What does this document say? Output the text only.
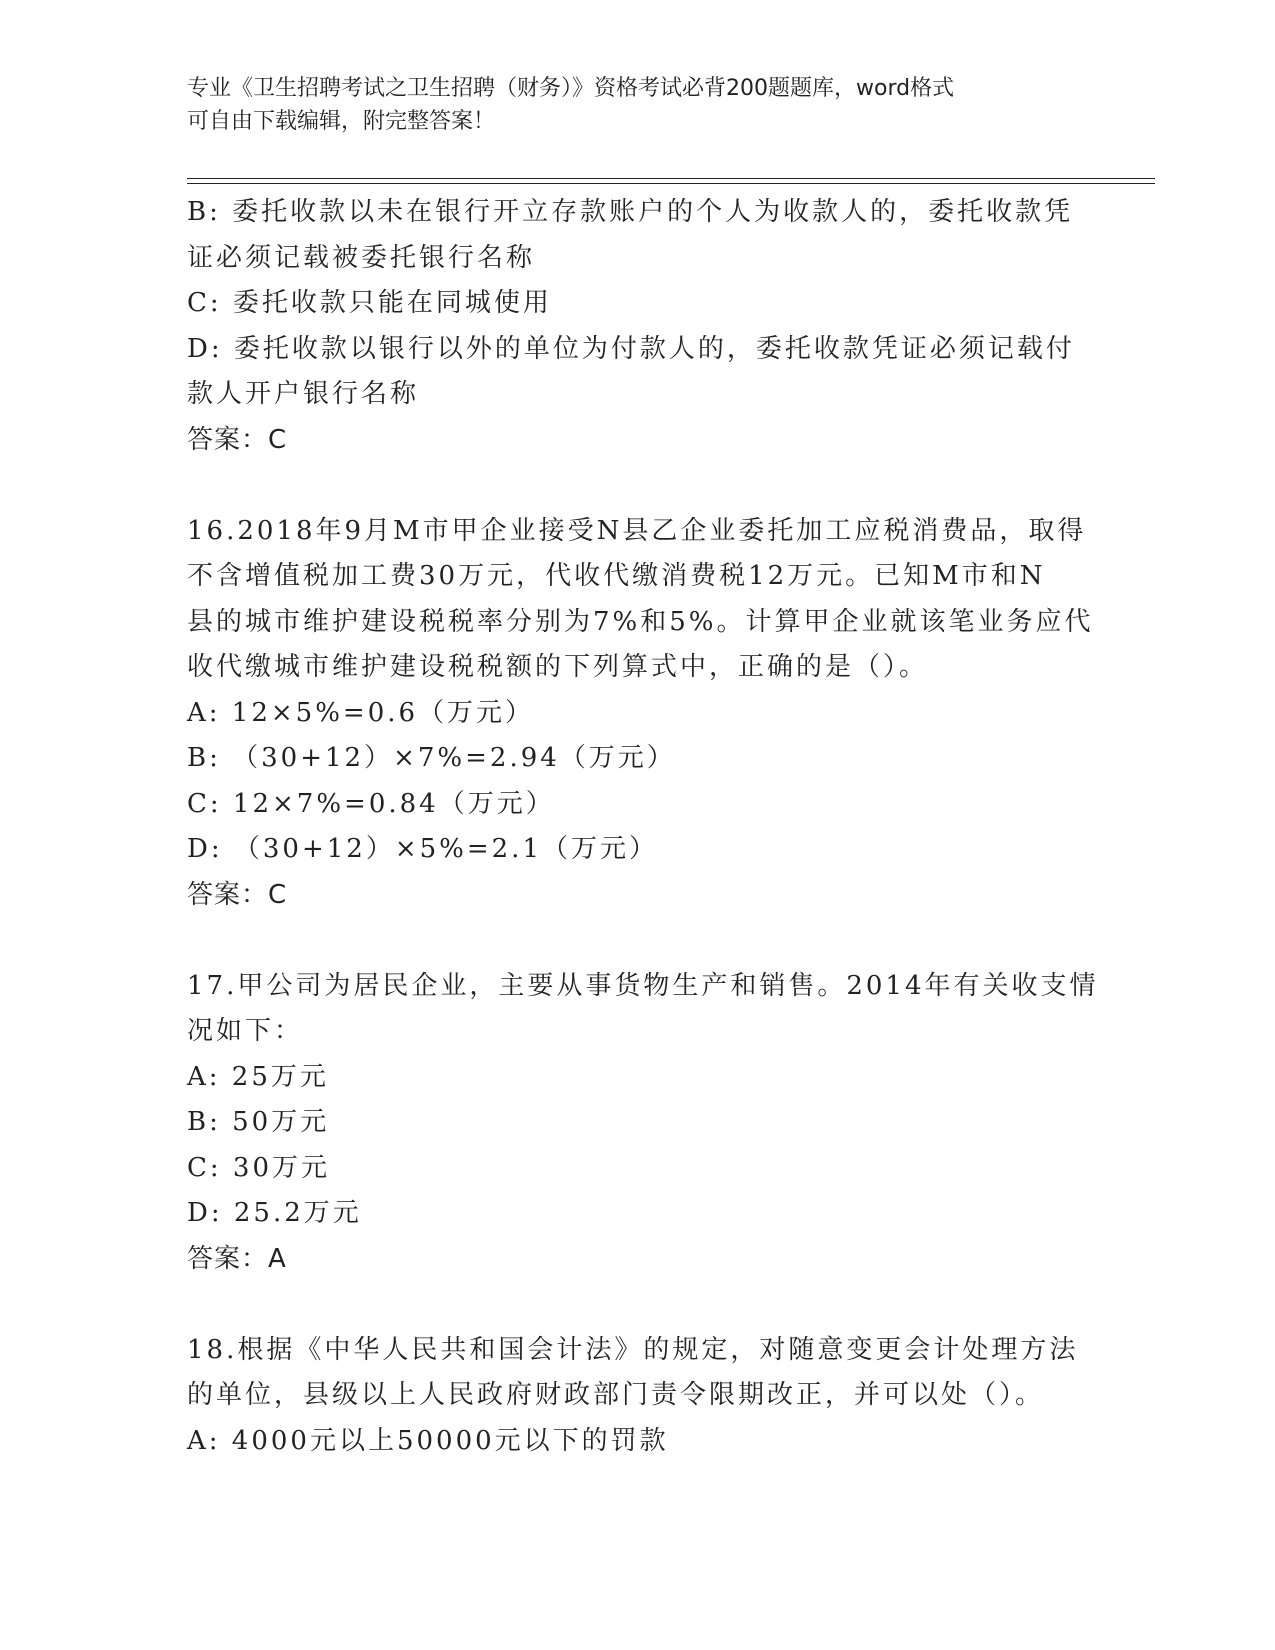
专业《卫生招聘考试之卫生招聘（财务）》资格考试必背200题题库，word格式
可自由下载编辑，附完整答案！
B: 委托收款以未在银行开立存款账户的个人为收款人的，委托收款凭
证必须记载被委托银行名称
C: 委托收款只能在同城使用
D: 委托收款以银行以外的单位为付款人的，委托收款凭证必须记载付
款人开户银行名称
答案：C
16.2018年9月M市甲企业接受N县乙企业委托加工应税消费品，取得
不含增值税加工费30万元，代收代缴消费税12万元。已知M市和N
县的城市维护建设税税率分别为7%和5%。计算甲企业就该笔业务应代
收代缴城市维护建设税税额的下列算式中，正确的是（）。
A: 12×5%=0.6（万元）
B: （30+12）×7%=2.94（万元）
C: 12×7%=0.84（万元）
D: （30+12）×5%=2.1（万元）
答案：C
17.甲公司为居民企业，主要从事货物生产和销售。2014年有关收支情
况如下：
A: 25万元
B: 50万元
C: 30万元
D: 25.2万元
答案：A
18.根据《中华人民共和国会计法》的规定，对随意变更会计处理方法
的单位，县级以上人民政府财政部门责令限期改正，并可以处（）。
A: 4000元以上50000元以下的罚款
